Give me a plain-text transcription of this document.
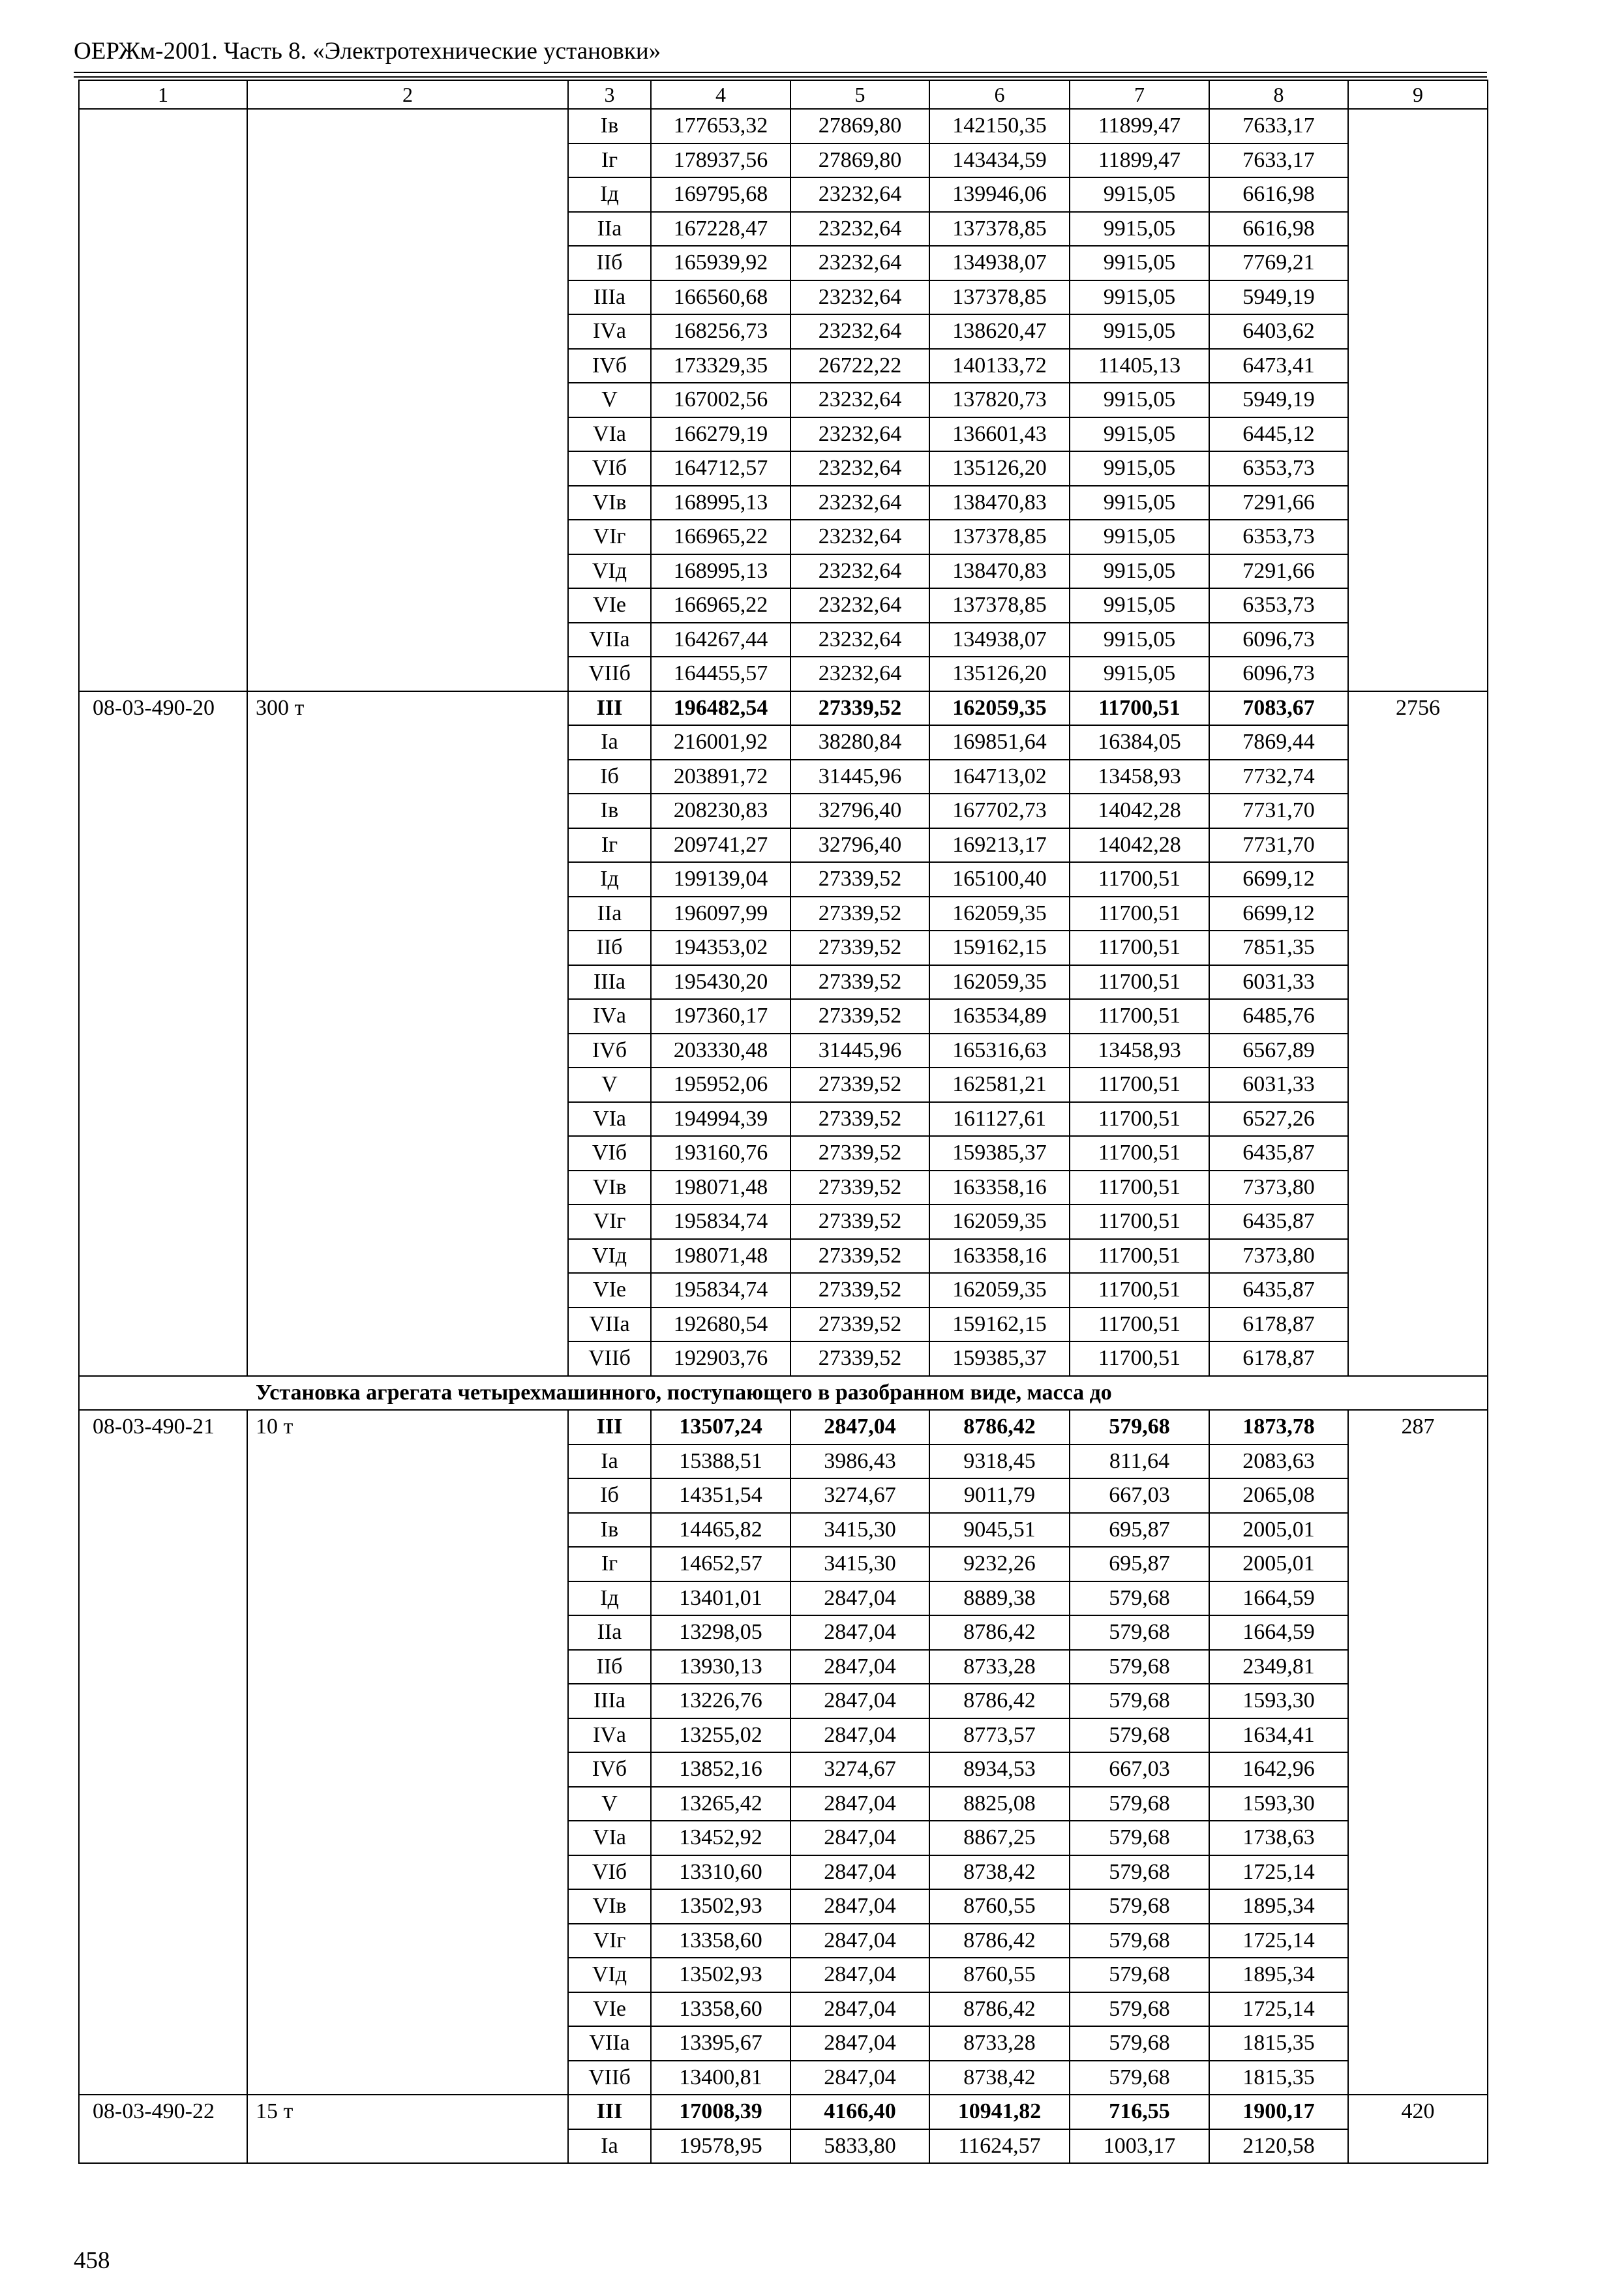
ОЕРЖм-2001. Часть 8. «Электротехнические установки»
1	2	3	4	5	6	7	8	9
		Iв	177653,32	27869,80	142150,35	11899,47	7633,17	
		Iг	178937,56	27869,80	143434,59	11899,47	7633,17	
		Iд	169795,68	23232,64	139946,06	9915,05	6616,98	
		IIа	167228,47	23232,64	137378,85	9915,05	6616,98	
		IIб	165939,92	23232,64	134938,07	9915,05	7769,21	
		IIIа	166560,68	23232,64	137378,85	9915,05	5949,19	
		IVа	168256,73	23232,64	138620,47	9915,05	6403,62	
		IVб	173329,35	26722,22	140133,72	11405,13	6473,41	
		V	167002,56	23232,64	137820,73	9915,05	5949,19	
		VIа	166279,19	23232,64	136601,43	9915,05	6445,12	
		VIб	164712,57	23232,64	135126,20	9915,05	6353,73	
		VIв	168995,13	23232,64	138470,83	9915,05	7291,66	
		VIг	166965,22	23232,64	137378,85	9915,05	6353,73	
		VIд	168995,13	23232,64	138470,83	9915,05	7291,66	
		VIе	166965,22	23232,64	137378,85	9915,05	6353,73	
		VIIа	164267,44	23232,64	134938,07	9915,05	6096,73	
		VIIб	164455,57	23232,64	135126,20	9915,05	6096,73	
08-03-490-20	300 т	III	196482,54	27339,52	162059,35	11700,51	7083,67	2756
		Iа	216001,92	38280,84	169851,64	16384,05	7869,44	
		Iб	203891,72	31445,96	164713,02	13458,93	7732,74	
		Iв	208230,83	32796,40	167702,73	14042,28	7731,70	
		Iг	209741,27	32796,40	169213,17	14042,28	7731,70	
		Iд	199139,04	27339,52	165100,40	11700,51	6699,12	
		IIа	196097,99	27339,52	162059,35	11700,51	6699,12	
		IIб	194353,02	27339,52	159162,15	11700,51	7851,35	
		IIIа	195430,20	27339,52	162059,35	11700,51	6031,33	
		IVа	197360,17	27339,52	163534,89	11700,51	6485,76	
		IVб	203330,48	31445,96	165316,63	13458,93	6567,89	
		V	195952,06	27339,52	162581,21	11700,51	6031,33	
		VIа	194994,39	27339,52	161127,61	11700,51	6527,26	
		VIб	193160,76	27339,52	159385,37	11700,51	6435,87	
		VIв	198071,48	27339,52	163358,16	11700,51	7373,80	
		VIг	195834,74	27339,52	162059,35	11700,51	6435,87	
		VIд	198071,48	27339,52	163358,16	11700,51	7373,80	
		VIе	195834,74	27339,52	162059,35	11700,51	6435,87	
		VIIа	192680,54	27339,52	159162,15	11700,51	6178,87	
		VIIб	192903,76	27339,52	159385,37	11700,51	6178,87	
Установка агрегата четырехмашинного, поступающего в разобранном виде, масса до								
08-03-490-21	10 т	III	13507,24	2847,04	8786,42	579,68	1873,78	287
		Iа	15388,51	3986,43	9318,45	811,64	2083,63	
		Iб	14351,54	3274,67	9011,79	667,03	2065,08	
		Iв	14465,82	3415,30	9045,51	695,87	2005,01	
		Iг	14652,57	3415,30	9232,26	695,87	2005,01	
		Iд	13401,01	2847,04	8889,38	579,68	1664,59	
		IIа	13298,05	2847,04	8786,42	579,68	1664,59	
		IIб	13930,13	2847,04	8733,28	579,68	2349,81	
		IIIа	13226,76	2847,04	8786,42	579,68	1593,30	
		IVа	13255,02	2847,04	8773,57	579,68	1634,41	
		IVб	13852,16	3274,67	8934,53	667,03	1642,96	
		V	13265,42	2847,04	8825,08	579,68	1593,30	
		VIа	13452,92	2847,04	8867,25	579,68	1738,63	
		VIб	13310,60	2847,04	8738,42	579,68	1725,14	
		VIв	13502,93	2847,04	8760,55	579,68	1895,34	
		VIг	13358,60	2847,04	8786,42	579,68	1725,14	
		VIд	13502,93	2847,04	8760,55	579,68	1895,34	
		VIе	13358,60	2847,04	8786,42	579,68	1725,14	
		VIIа	13395,67	2847,04	8733,28	579,68	1815,35	
		VIIб	13400,81	2847,04	8738,42	579,68	1815,35	
08-03-490-22	15 т	III	17008,39	4166,40	10941,82	716,55	1900,17	420
		Iа	19578,95	5833,80	11624,57	1003,17	2120,58	
458
